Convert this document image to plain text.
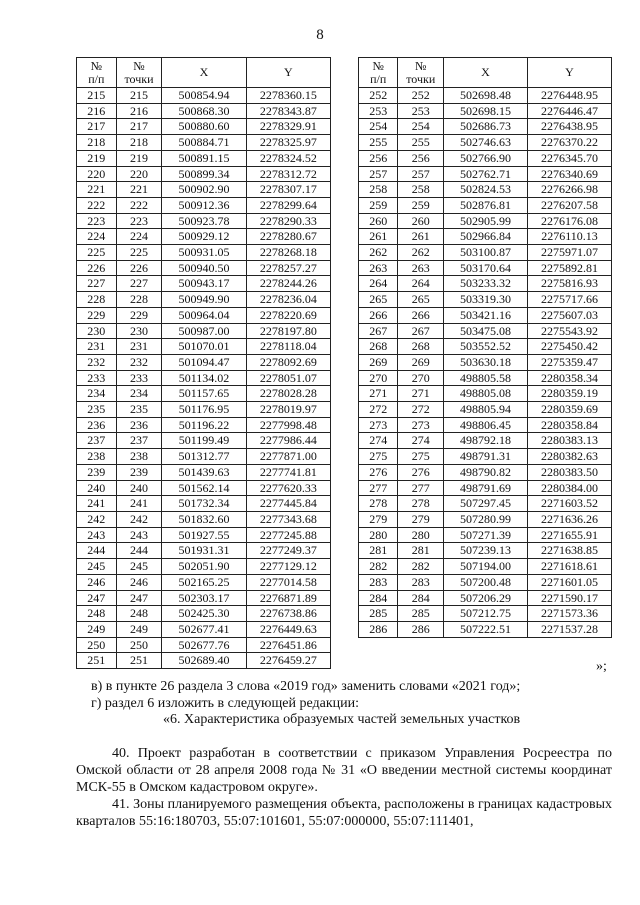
8
№
п/п	№
точки	X	Y
215	215	500854.94	2278360.15
216	216	500868.30	2278343.87
217	217	500880.60	2278329.91
218	218	500884.71	2278325.97
219	219	500891.15	2278324.52
220	220	500899.34	2278312.72
221	221	500902.90	2278307.17
222	222	500912.36	2278299.64
223	223	500923.78	2278290.33
224	224	500929.12	2278280.67
225	225	500931.05	2278268.18
226	226	500940.50	2278257.27
227	227	500943.17	2278244.26
228	228	500949.90	2278236.04
229	229	500964.04	2278220.69
230	230	500987.00	2278197.80
231	231	501070.01	2278118.04
232	232	501094.47	2278092.69
233	233	501134.02	2278051.07
234	234	501157.65	2278028.28
235	235	501176.95	2278019.97
236	236	501196.22	2277998.48
237	237	501199.49	2277986.44
238	238	501312.77	2277871.00
239	239	501439.63	2277741.81
240	240	501562.14	2277620.33
241	241	501732.34	2277445.84
242	242	501832.60	2277343.68
243	243	501927.55	2277245.88
244	244	501931.31	2277249.37
245	245	502051.90	2277129.12
246	246	502165.25	2277014.58
247	247	502303.17	2276871.89
248	248	502425.30	2276738.86
249	249	502677.41	2276449.63
250	250	502677.76	2276451.86
251	251	502689.40	2276459.27
№
п/п	№
точки	X	Y
252	252	502698.48	2276448.95
253	253	502698.15	2276446.47
254	254	502686.73	2276438.95
255	255	502746.63	2276370.22
256	256	502766.90	2276345.70
257	257	502762.71	2276340.69
258	258	502824.53	2276266.98
259	259	502876.81	2276207.58
260	260	502905.99	2276176.08
261	261	502966.84	2276110.13
262	262	503100.87	2275971.07
263	263	503170.64	2275892.81
264	264	503233.32	2275816.93
265	265	503319.30	2275717.66
266	266	503421.16	2275607.03
267	267	503475.08	2275543.92
268	268	503552.52	2275450.42
269	269	503630.18	2275359.47
270	270	498805.58	2280358.34
271	271	498805.08	2280359.19
272	272	498805.94	2280359.69
273	273	498806.45	2280358.84
274	274	498792.18	2280383.13
275	275	498791.31	2280382.63
276	276	498790.82	2280383.50
277	277	498791.69	2280384.00
278	278	507297.45	2271603.52
279	279	507280.99	2271636.26
280	280	507271.39	2271655.91
281	281	507239.13	2271638.85
282	282	507194.00	2271618.61
283	283	507200.48	2271601.05
284	284	507206.29	2271590.17
285	285	507212.75	2271573.36
286	286	507222.51	2271537.28
»;
в) в пункте 26 раздела 3 слова «2019 год» заменить словами «2021 год»;
г) раздел 6 изложить в следующей редакции:
«6. Характеристика образуемых частей земельных участков
40. Проект разработан в соответствии с приказом Управления Росреестра по Омской области от 28 апреля 2008 года № 31 «О введении местной системы координат МСК-55 в Омском кадастровом округе».
41. Зоны планируемого размещения объекта, расположены в границах кадастровых кварталов 55:16:180703, 55:07:101601, 55:07:000000, 55:07:111401,
